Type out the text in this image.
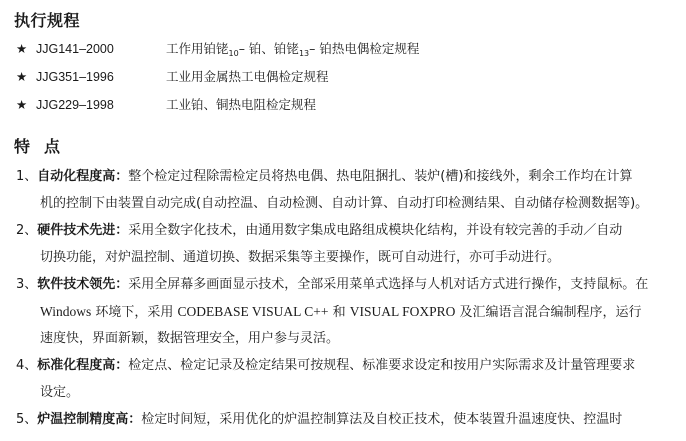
执行规程
★ JJG141–2000	工作用铂铑$_{10}$– 铂、铂铑$_{13}$– 铂热电偶检定规程
★ JJG351–1996	工业用金属热工电偶检定规程
★ JJG229–1998	工业铂、铜热电阻检定规程
特点
1、自动化程度高：整个检定过程除需检定员将热电偶、热电阻捆扎、装炉(槽)和接线外，剩余工作均在计算
机的控制下由装置自动完成(自动控温、自动检测、自动计算、自动打印检测结果、自动储存检测数据等)。
2、硬件技术先进：采用全数字化技术，由通用数字集成电路组成模块化结构，并设有较完善的手动／自动
切换功能，对炉温控制、通道切换、数据采集等主要操作，既可自动进行，亦可手动进行。
3、软件技术领先：采用全屏幕多画面显示技术，全部采用菜单式选择与人机对话方式进行操作，支持鼠标。在
Windows 环境下，采用 CODEBASE VISUAL C++ 和 VISUAL FOXPRO 及汇编语言混合编制程序，运行
速度快，界面新颖，数据管理安全，用户参与灵活。
4、标准化程度高：检定点、检定记录及检定结果可按规程、标准要求设定和按用户实际需求及计量管理要求
设定。
5、炉温控制精度高：检定时间短，采用优化的炉温控制算法及自校正技术，使本装置升温速度快、控温时
